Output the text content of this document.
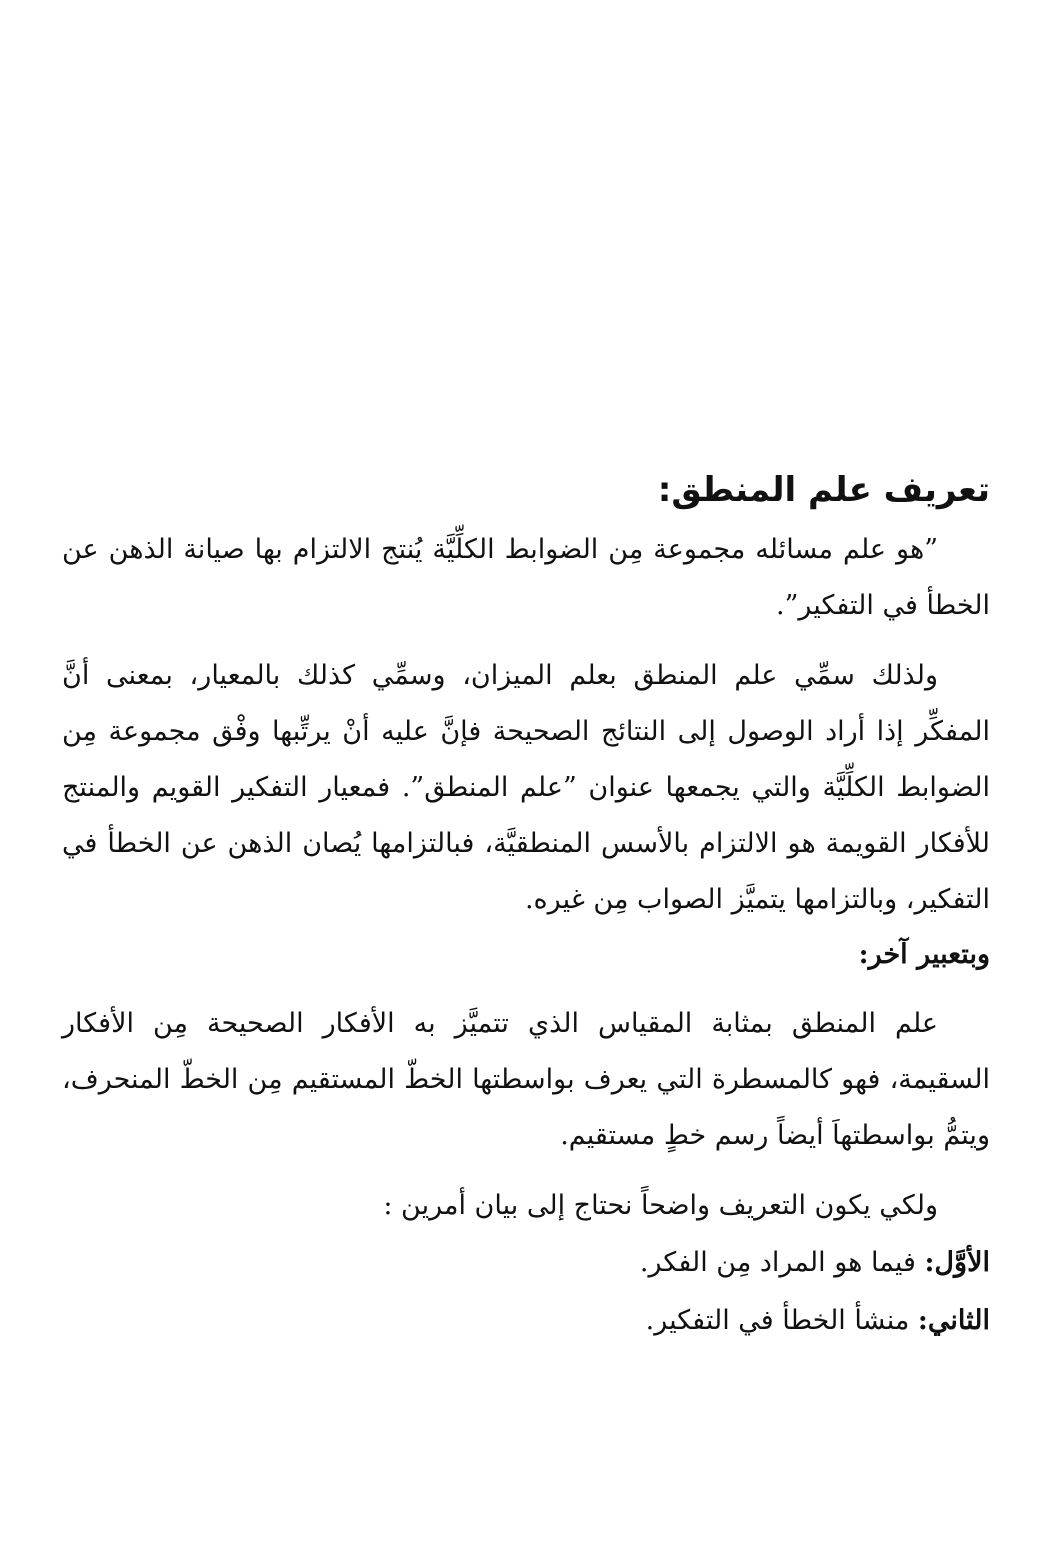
تعريف علم المنطق:

”هو علم مسائله مجموعة مِن الضوابط الكلِّيَّة يُنتج الالتزام بها صيانة الذهن عن الخطأ في التفكير”.

ولذلك سمِّي علم المنطق بعلم الميزان، وسمِّي كذلك بالمعيار، بمعنى أنَّ المفكِّر إذا أراد الوصول إلى النتائج الصحيحة فإنَّ عليه أنْ يرتِّبها وفْق مجموعة مِن الضوابط الكلِّيَّة والتي يجمعها عنوان ”علم المنطق”. فمعيار التفكير القويم والمنتج للأفكار القويمة هو الالتزام بالأسس المنطقيَّة، فبالتزامها يُصان الذهن عن الخطأ في التفكير، وبالتزامها يتميَّز الصواب مِن غيره.

وبتعبير آخر:

علم المنطق بمثابة المقياس الذي تتميَّز به الأفكار الصحيحة مِن الأفكار السقيمة، فهو كالمسطرة التي يعرف بواسطتها الخطّ المستقيم مِن الخطّ المنحرف، ويتمُّ بواسطتهاَ أيضاً رسم خطٍ مستقيم.

ولكي يكون التعريف واضحاً نحتاج إلى بيان أمرين :

الأوَّل: فيما هو المراد مِن الفكر.

الثاني: منشأ الخطأ في التفكير.
